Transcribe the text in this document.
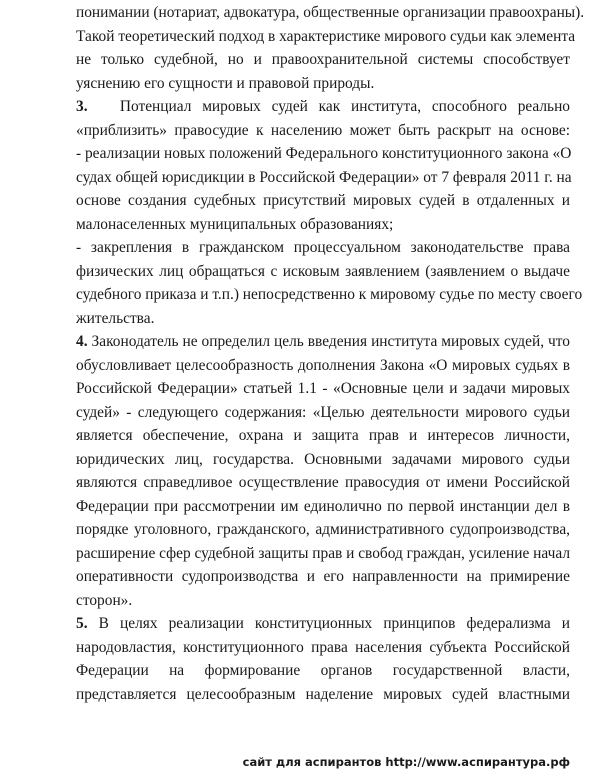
понимании (нотариат, адвокатура, общественные организации правоохраны).
Такой теоретический подход в характеристике мирового судьи как элемента
не только судебной, но и правоохранительной системы способствует
уяснению его сущности и правовой природы.
3. Потенциал мировых судей как института, способного реально
«приблизить» правосудие к населению может быть раскрыт на основе:
- реализации новых положений Федерального конституционного закона «О
судах общей юрисдикции в Российской Федерации» от 7 февраля 2011 г. на
основе создания судебных присутствий мировых судей в отдаленных и
малонаселенных муниципальных образованиях;
- закрепления в гражданском процессуальном законодательстве права
физических лиц обращаться с исковым заявлением (заявлением о выдаче
судебного приказа и т.п.) непосредственно к мировому судье по месту своего
жительства.
4. Законодатель не определил цель введения института мировых судей, что
обусловливает целесообразность дополнения Закона «О мировых судьях в
Российской Федерации» статьей 1.1 - «Основные цели и задачи мировых
судей» - следующего содержания: «Целью деятельности мирового судьи
является обеспечение, охрана и защита прав и интересов личности,
юридических лиц, государства. Основными задачами мирового судьи
являются справедливое осуществление правосудия от имени Российской
Федерации при рассмотрении им единолично по первой инстанции дел в
порядке уголовного, гражданского, административного судопроизводства,
расширение сфер судебной защиты прав и свобод граждан, усиление начал
оперативности судопроизводства и его направленности на примирение
сторон».
5. В целях реализации конституционных принципов федерализма и
народовластия, конституционного права населения субъекта Российской
Федерации на формирование органов государственной власти,
представляется целесообразным наделение мировых судей властными
сайт для аспирантов http://www.аспирантура.рф
